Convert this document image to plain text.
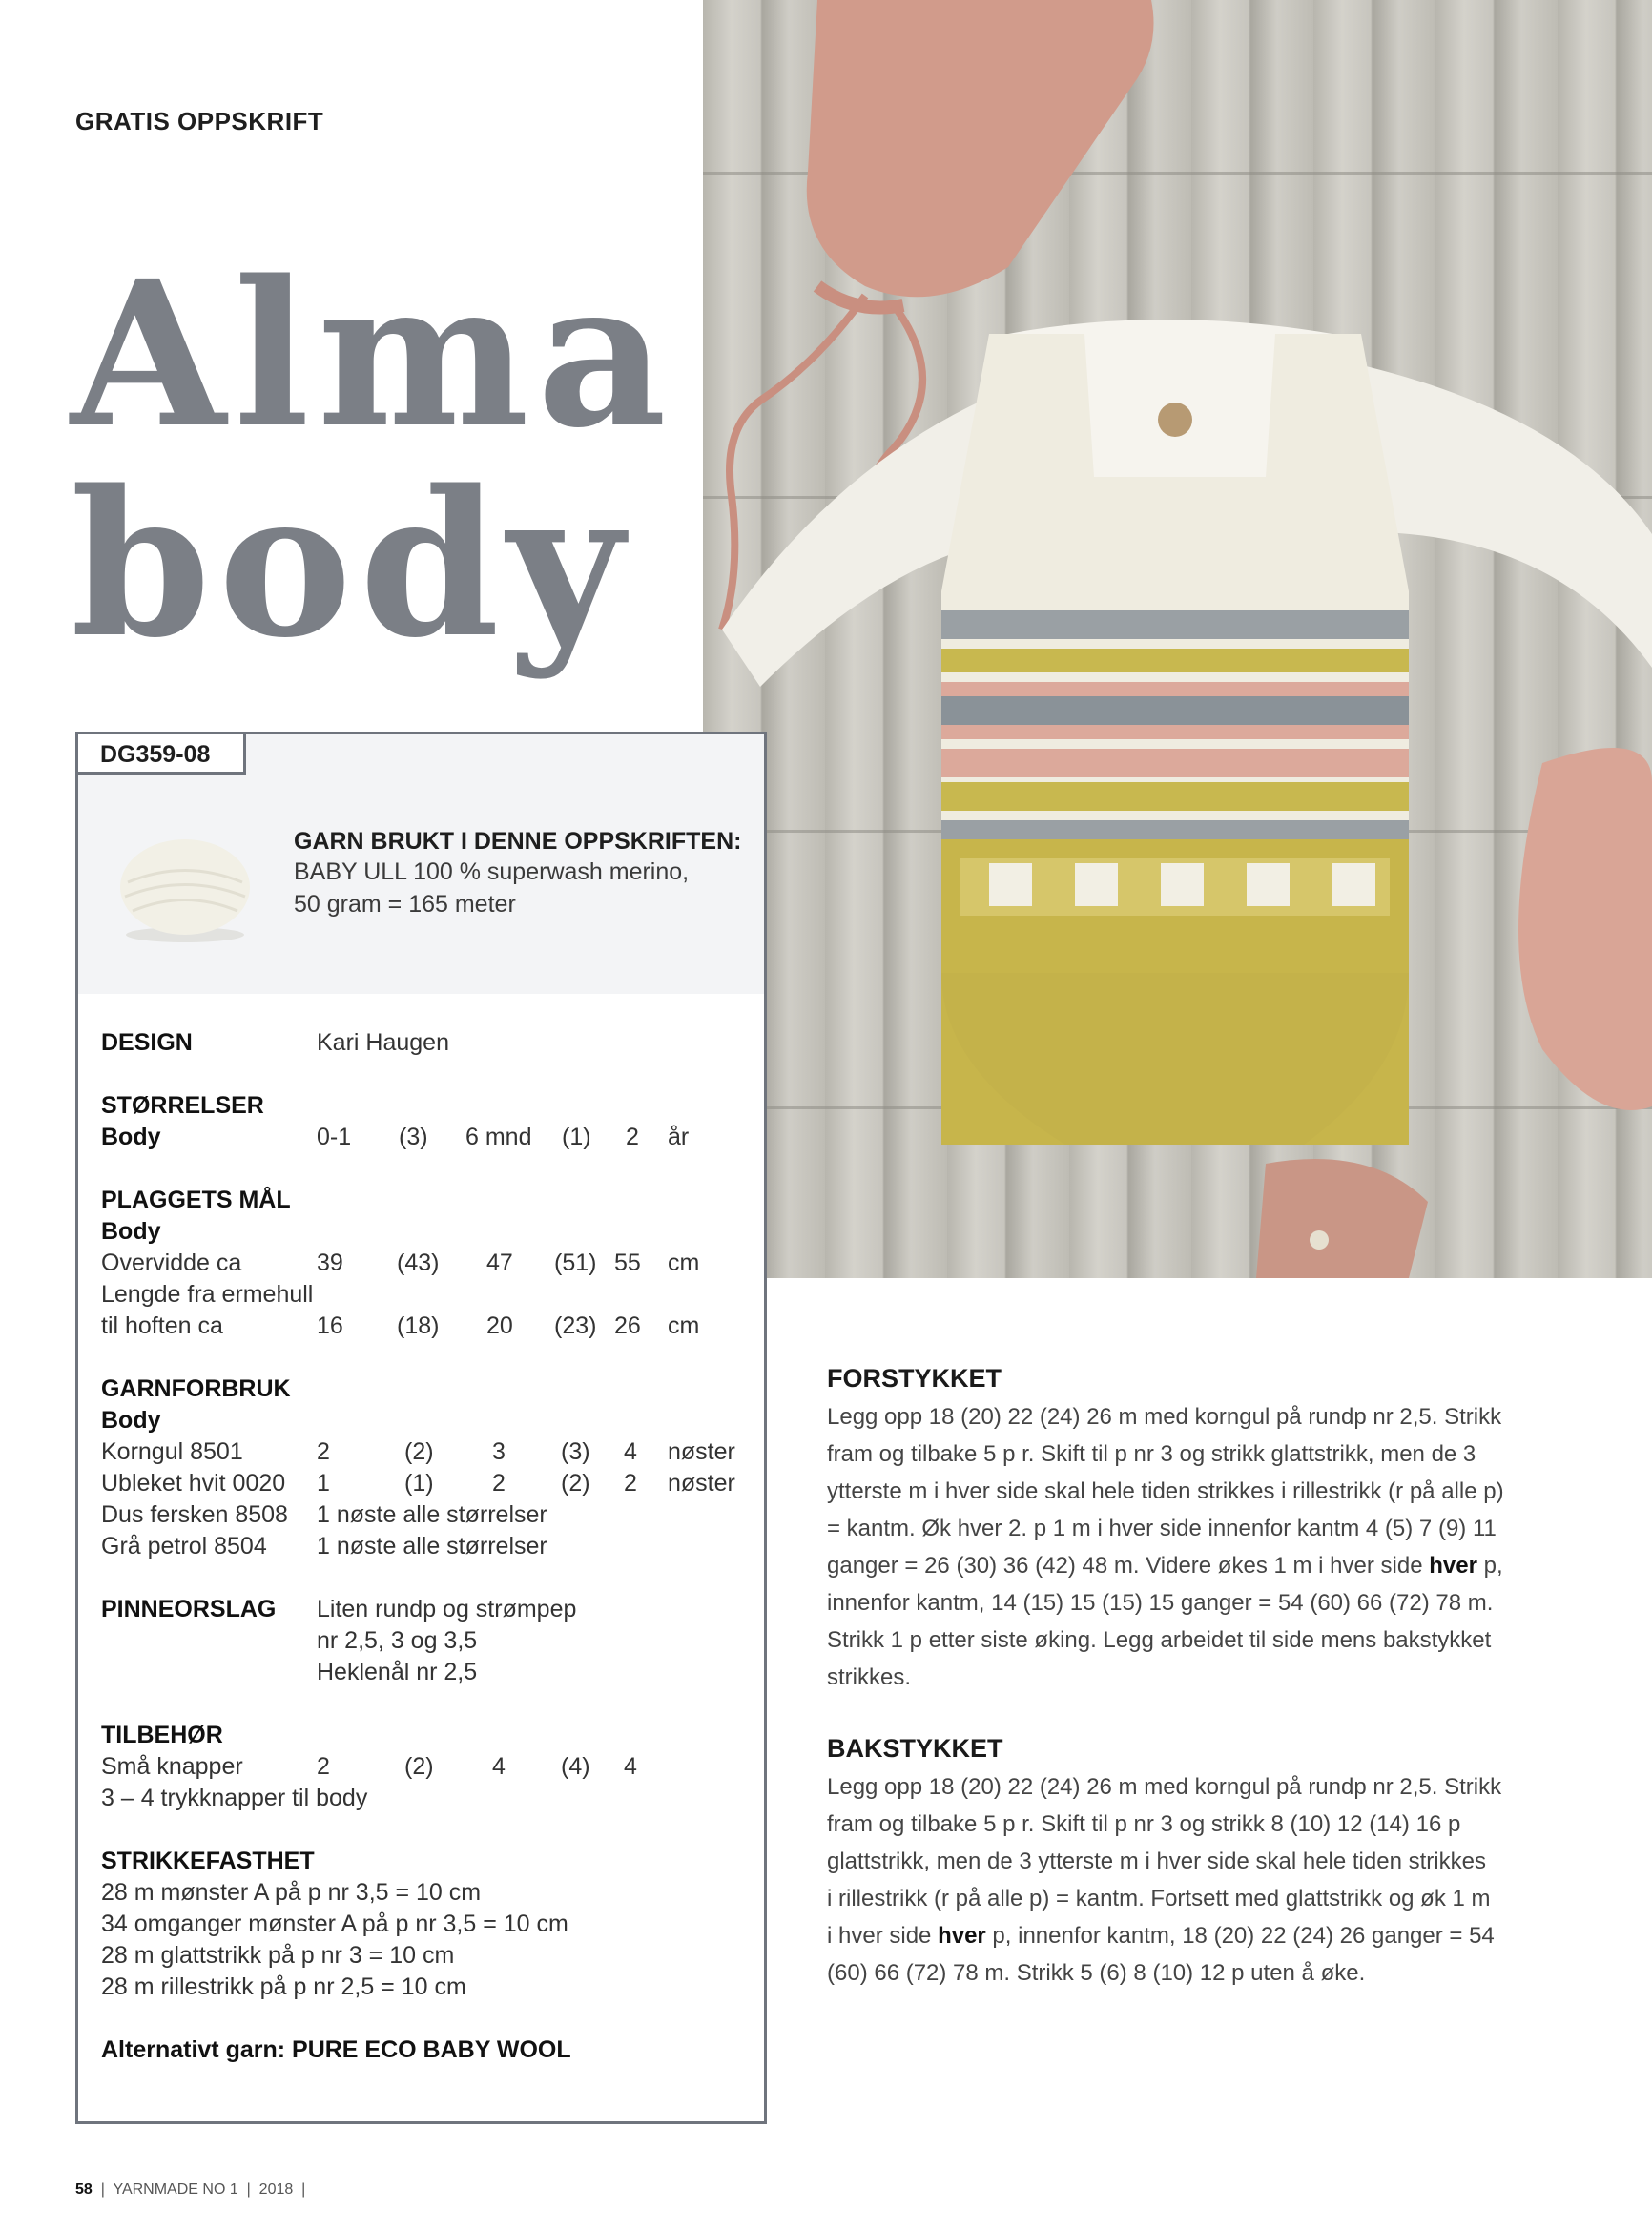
GRATIS OPPSKRIFT
Alma
body
DG359-08
GARN BRUKT I DENNE OPPSKRIFTEN:
BABY ULL 100 % superwash merino,
50 gram = 165 meter
DESIGN	Kari Haugen
STØRRELSER
Body	0-1 (3) 6 mnd (1) 2 år
PLAGGETS MÅL
Body
Overvidde ca	39 (43) 47 (51) 55 cm
Lengde fra ermehull
til hoften ca	16 (18) 20 (23) 26 cm
GARNFORBRUK
Body
Korngul 8501	2	(2) 3 (3) 4 nøster
Ubleket hvit 0020 1	(1) 2 (2) 2 nøster
Dus fersken 8508 1 nøste alle størrelser
Grå petrol 8504 1 nøste alle størrelser
PINNEORSLAG Liten rundp og strømpep
nr 2,5, 3 og 3,5
Heklenål nr 2,5
TILBEHØR
Små knapper	2	(2) 4 (4) 4
3 – 4 trykknapper til body
STRIKKEFASTHET
28 m mønster A på p nr 3,5 = 10 cm
34 omganger mønster A på p nr 3,5 = 10 cm
28 m glattstrikk på p nr 3 = 10 cm
28 m rillestrikk på p nr 2,5 = 10 cm
Alternativt garn: PURE ECO BABY WOOL
FORSTYKKET

Legg opp 18 (20) 22 (24) 26 m med korngul på rundp nr 2,5. Strikk

fram og tilbake 5 p r. Skift til p nr 3 og strikk glattstrikk, men de 3

ytterste m i hver side skal hele tiden strikkes i rillestrikk (r på alle p)

= kantm. Øk hver 2. p 1 m i hver side innenfor kantm 4 (5) 7 (9) 11

ganger = 26 (30) 36 (42) 48 m. Videre økes 1 m i hver side hver p,

innenfor kantm, 14 (15) 15 (15) 15 ganger = 54 (60) 66 (72) 78 m.

Strikk 1 p etter siste øking. Legg arbeidet til side mens bakstykket

strikkes.

BAKSTYKKET

Legg opp 18 (20) 22 (24) 26 m med korngul på rundp nr 2,5. Strikk

fram og tilbake 5 p r. Skift til p nr 3 og strikk 8 (10) 12 (14) 16 p

glattstrikk, men de 3 ytterste m i hver side skal hele tiden strikkes

i rillestrikk (r på alle p) = kantm. Fortsett med glattstrikk og øk 1 m

i hver side hver p, innenfor kantm, 18 (20) 22 (24) 26 ganger = 54

(60) 66 (72) 78 m. Strikk 5 (6) 8 (10) 12 p uten å øke.

58 | YARNMADE NO 1 | 2018 |
